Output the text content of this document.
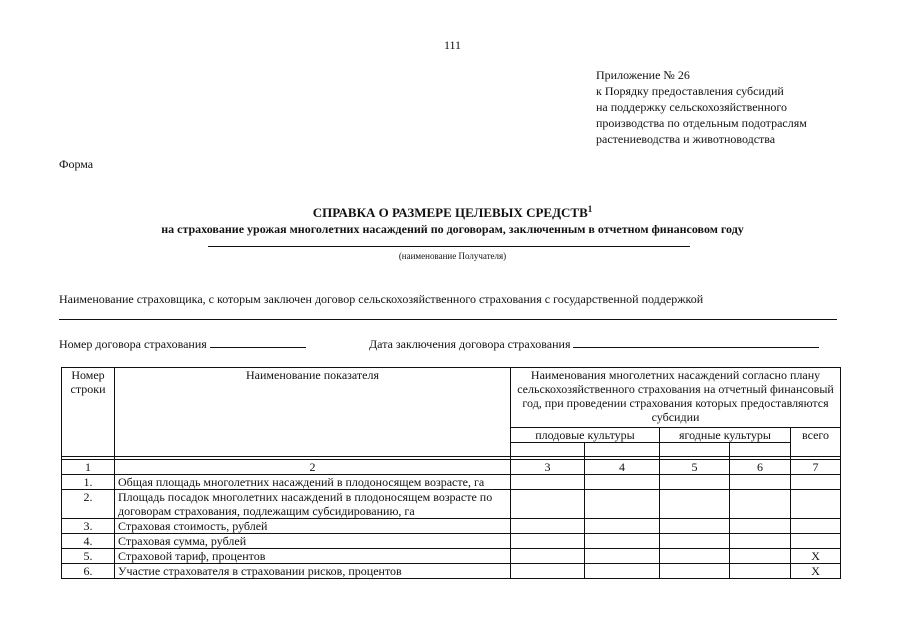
111
Приложение № 26
к Порядку предоставления субсидий
на поддержку сельскохозяйственного
производства по отдельным подотраслям
растениеводства и животноводства
Форма
СПРАВКА О РАЗМЕРЕ ЦЕЛЕВЫХ СРЕДСТВ$^1$
на страхование урожая многолетних насаждений по договорам, заключенным в отчетном финансовом году
(наименование Получателя)
Наименование страховщика, с которым заключен договор сельскохозяйственного страхования с государственной поддержкой
Номер договора страхования	Дата заключения договора страхования
Номер строки	Наименование показателя	Наименования многолетних насаждений согласно плану сельскохозяйственного страхования на отчетный финансовый год, при проведении страхования которых предоставляются субсидии				
		плодовые культуры		ягодные культуры		всего

1	2	3	4	5	6	7
1.	Общая площадь многолетних насаждений в плодоносящем возрасте, га					
2.	Площадь посадок многолетних насаждений в плодоносящем возрасте по договорам страхования, подлежащим субсидированию, га					
3.	Страховая стоимость, рублей					
4.	Страховая сумма, рублей					
5.	Страховой тариф, процентов					X
6.	Участие страхователя в страховании рисков, процентов					X
